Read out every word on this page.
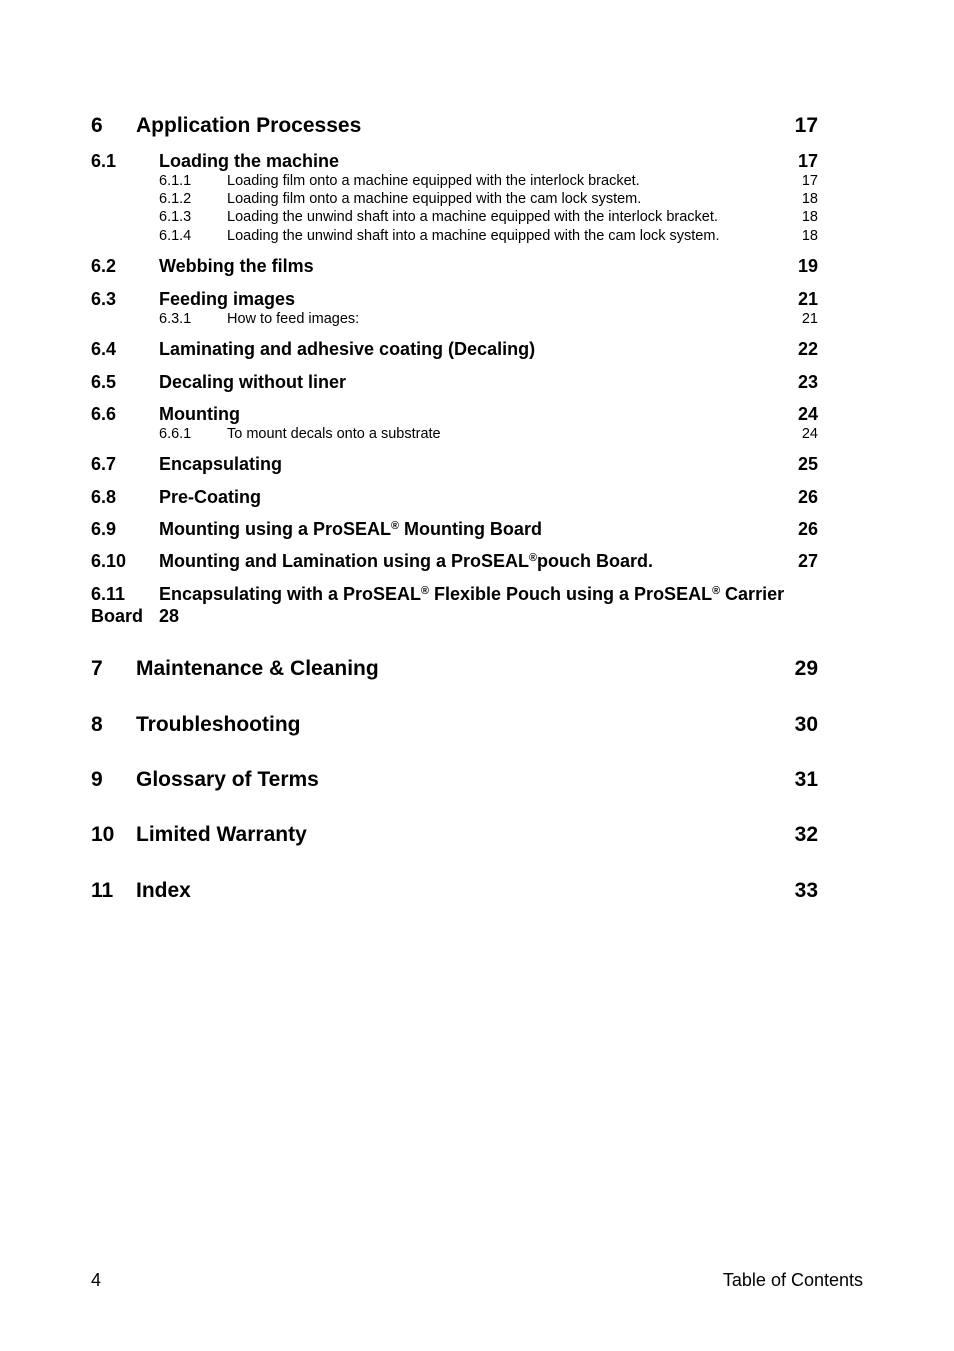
6 Application Processes	17
6.1 Loading the machine	17
6.1.1 Loading film onto a machine equipped with the interlock bracket.	17
6.1.2 Loading film onto a machine equipped with the cam lock system.	18
6.1.3 Loading the unwind shaft into a machine equipped with the interlock bracket.	18
6.1.4 Loading the unwind shaft into a machine equipped with the cam lock system.	18
6.2 Webbing the films	19
6.3 Feeding images	21
6.3.1 How to feed images:	21
6.4 Laminating and adhesive coating (Decaling)	22
6.5 Decaling without liner	23
6.6 Mounting	24
6.6.1 To mount decals onto a substrate	24
6.7 Encapsulating	25
6.8 Pre-Coating	26
6.9 Mounting using a ProSEAL® Mounting Board	26
6.10 Mounting and Lamination using a ProSEAL®pouch Board.	27
6.11 Encapsulating with a ProSEAL® Flexible Pouch using a ProSEAL® Carrier
Board 28
7 Maintenance & Cleaning	29
8 Troubleshooting	30
9 Glossary of Terms	31
10 Limited Warranty	32
11 Index	33
4	Table of Contents
